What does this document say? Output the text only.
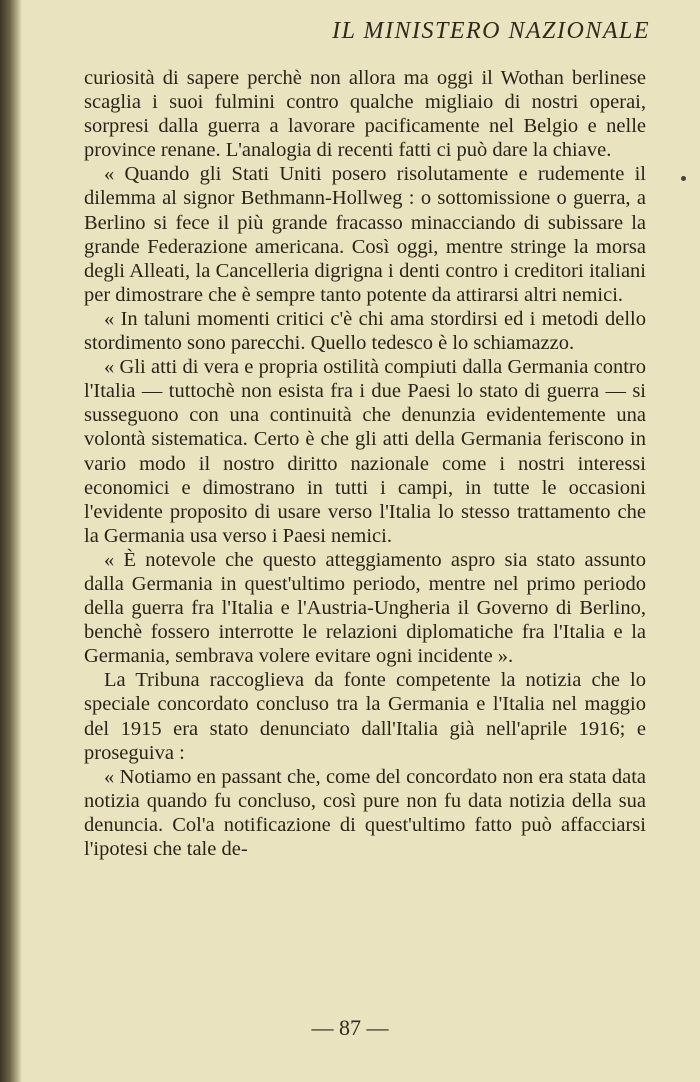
IL MINISTERO NAZIONALE

curiosità di sapere perchè non allora ma oggi il Wothan berlinese scaglia i suoi fulmini contro qualche migliaio di nostri operai, sorpresi dalla guerra a lavorare pacificamente nel Belgio e nelle province renane. L'analogia di recenti fatti ci può dare la chiave.

« Quando gli Stati Uniti posero risolutamente e rudemente il dilemma al signor Bethmann-Hollweg : o sottomissione o guerra, a Berlino si fece il più grande fracasso minacciando di subissare la grande Federazione americana. Così oggi, mentre stringe la morsa degli Alleati, la Cancelleria digrigna i denti contro i creditori italiani per dimostrare che è sempre tanto potente da attirarsi altri nemici.

« In taluni momenti critici c'è chi ama stordirsi ed i metodi dello stordimento sono parecchi. Quello tedesco è lo schiamazzo.

« Gli atti di vera e propria ostilità compiuti dalla Germania contro l'Italia — tuttochè non esista fra i due Paesi lo stato di guerra — si susseguono con una continuità che denunzia evidentemente una volontà sistematica. Certo è che gli atti della Germania feriscono in vario modo il nostro diritto nazionale come i nostri interessi economici e dimostrano in tutti i campi, in tutte le occasioni l'evidente proposito di usare verso l'Italia lo stesso trattamento che la Germania usa verso i Paesi nemici.

« È notevole che questo atteggiamento aspro sia stato assunto dalla Germania in quest'ultimo periodo, mentre nel primo periodo della guerra fra l'Italia e l'Austria-Ungheria il Governo di Berlino, benchè fossero interrotte le relazioni diplomatiche fra l'Italia e la Germania, sembrava volere evitare ogni incidente ».

La Tribuna raccoglieva da fonte competente la notizia che lo speciale concordato concluso tra la Germania e l'Italia nel maggio del 1915 era stato denunciato dall'Italia già nell'aprile 1916; e proseguiva :

« Notiamo en passant che, come del concordato non era stata data notizia quando fu concluso, così pure non fu data notizia della sua denuncia. Col'a notificazione di quest'ultimo fatto può affacciarsi l'ipotesi che tale de-

— 87 —
